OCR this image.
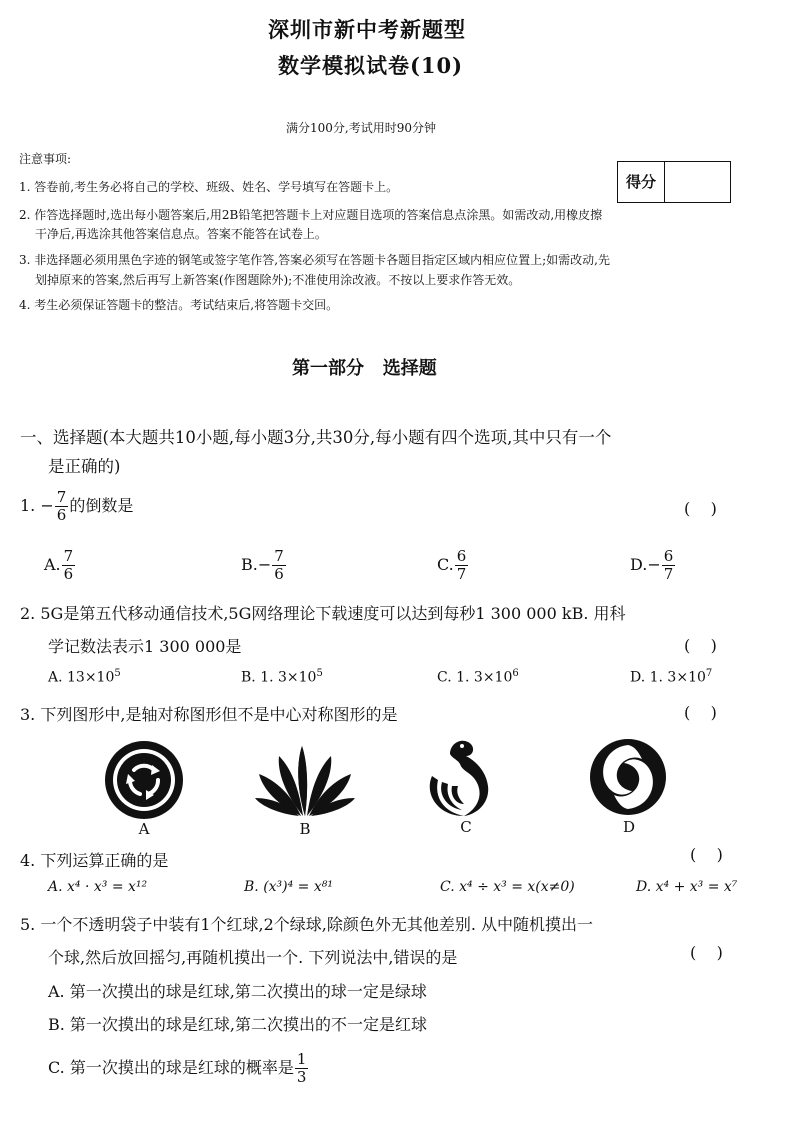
深圳市新中考新题型
数学模拟试卷(10)
满分100分,考试用时90分钟
注意事项:
1. 答卷前,考生务必将自己的学校、班级、姓名、学号填写在答题卡上。
2. 作答选择题时,选出每小题答案后,用2B铅笔把答题卡上对应题目选项的答案信息点涂黑。如需改动,用橡皮擦
干净后,再选涂其他答案信息点。答案不能答在试卷上。
3. 非选择题必须用黑色字迹的钢笔或签字笔作答,答案必须写在答题卡各题目指定区域内相应位置上;如需改动,先
划掉原来的答案,然后再写上新答案(作图题除外);不准使用涂改液。不按以上要求作答无效。
4. 考生必须保证答题卡的整洁。考试结束后,将答题卡交回。
得分
第一部分   选择题
一、选择题(本大题共10小题,每小题3分,共30分,每小题有四个选项,其中只有一个
是正确的)
1. − $\frac{7}{6}$ 的倒数是	(    )
A. $\frac{7}{6}$	$B.- \frac{7}{6}$	C. $\frac{6}{7}$	$D.- \frac{6}{7}$
2. 5G是第五代移动通信技术,5G网络理论下载速度可以达到每秒1 300 000 kB. 用科
学记数法表示1 300 000是	(    )
A. $13\times 10^5$	B. 1. $3\times 10^5$	C. 1. $3\times 10^6$	D. 1. $3\times 10^7$
3. 下列图形中,是轴对称图形但不是中心对称图形的是	(    )
A	B	C	D
4. 下列运算正确的是	(    )
A. x⁴ · x³ = x¹²	B. (x³)⁴ = x⁸¹	C. x⁴ ÷ x³ = x(x≠0)	D. x⁴ + x³ = x⁷
5. 一个不透明袋子中装有1个红球,2个绿球,除颜色外无其他差别. 从中随机摸出一
个球,然后放回摇匀,再随机摸出一个. 下列说法中,错误的是	(    )
A. 第一次摸出的球是红球,第二次摸出的球一定是绿球
B. 第一次摸出的球是红球,第二次摸出的不一定是红球
C. 第一次摸出的球是红球的概率是 $\frac{1}{3}$
